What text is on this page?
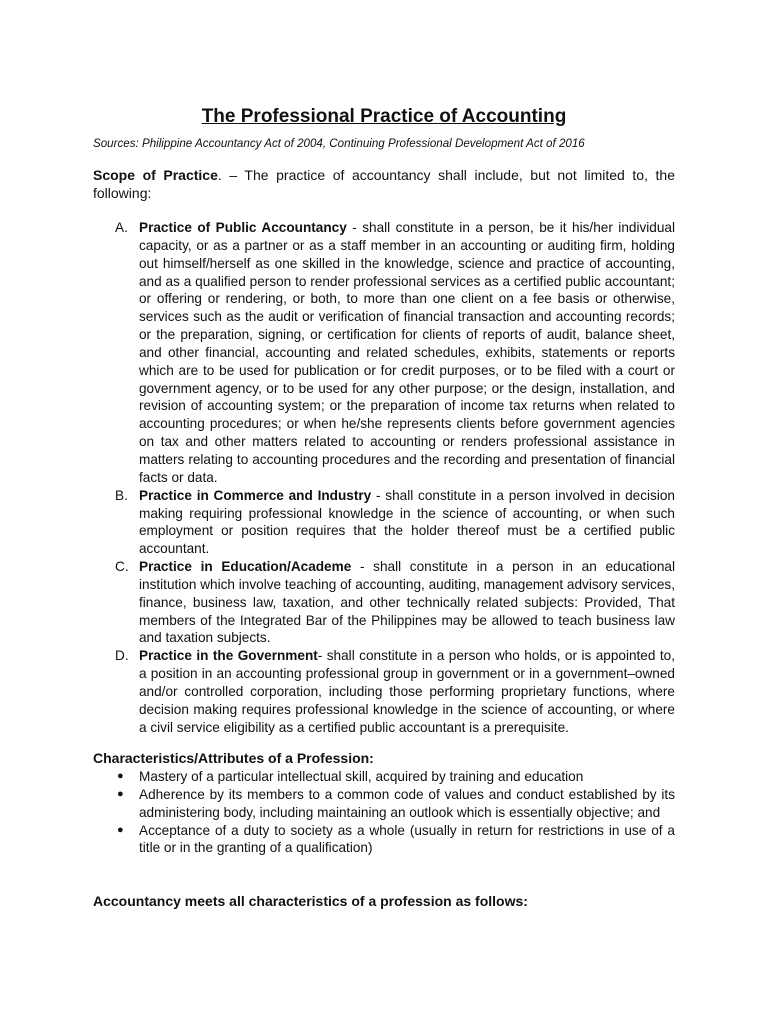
The Professional Practice of Accounting

Sources: Philippine Accountancy Act of 2004, Continuing Professional Development Act of 2016

Scope of Practice. – The practice of accountancy shall include, but not limited to, the following:

A. Practice of Public Accountancy - shall constitute in a person, be it his/her individual capacity, or as a partner or as a staff member in an accounting or auditing firm, holding out himself/herself as one skilled in the knowledge, science and practice of accounting, and as a qualified person to render professional services as a certified public accountant; or offering or rendering, or both, to more than one client on a fee basis or otherwise, services such as the audit or verification of financial transaction and accounting records; or the preparation, signing, or certification for clients of reports of audit, balance sheet, and other financial, accounting and related schedules, exhibits, statements or reports which are to be used for publication or for credit purposes, or to be filed with a court or government agency, or to be used for any other purpose; or the design, installation, and revision of accounting system; or the preparation of income tax returns when related to accounting procedures; or when he/she represents clients before government agencies on tax and other matters related to accounting or renders professional assistance in matters relating to accounting procedures and the recording and presentation of financial facts or data.
B. Practice in Commerce and Industry - shall constitute in a person involved in decision making requiring professional knowledge in the science of accounting, or when such employment or position requires that the holder thereof must be a certified public accountant.
C. Practice in Education/Academe - shall constitute in a person in an educational institution which involve teaching of accounting, auditing, management advisory services, finance, business law, taxation, and other technically related subjects: Provided, That members of the Integrated Bar of the Philippines may be allowed to teach business law and taxation subjects.
D. Practice in the Government- shall constitute in a person who holds, or is appointed to, a position in an accounting professional group in government or in a government–owned and/or controlled corporation, including those performing proprietary functions, where decision making requires professional knowledge in the science of accounting, or where a civil service eligibility as a certified public accountant is a prerequisite.

Characteristics/Attributes of a Profession:

● Mastery of a particular intellectual skill, acquired by training and education
● Adherence by its members to a common code of values and conduct established by its administering body, including maintaining an outlook which is essentially objective; and
● Acceptance of a duty to society as a whole (usually in return for restrictions in use of a title or in the granting of a qualification)

Accountancy meets all characteristics of a profession as follows:
